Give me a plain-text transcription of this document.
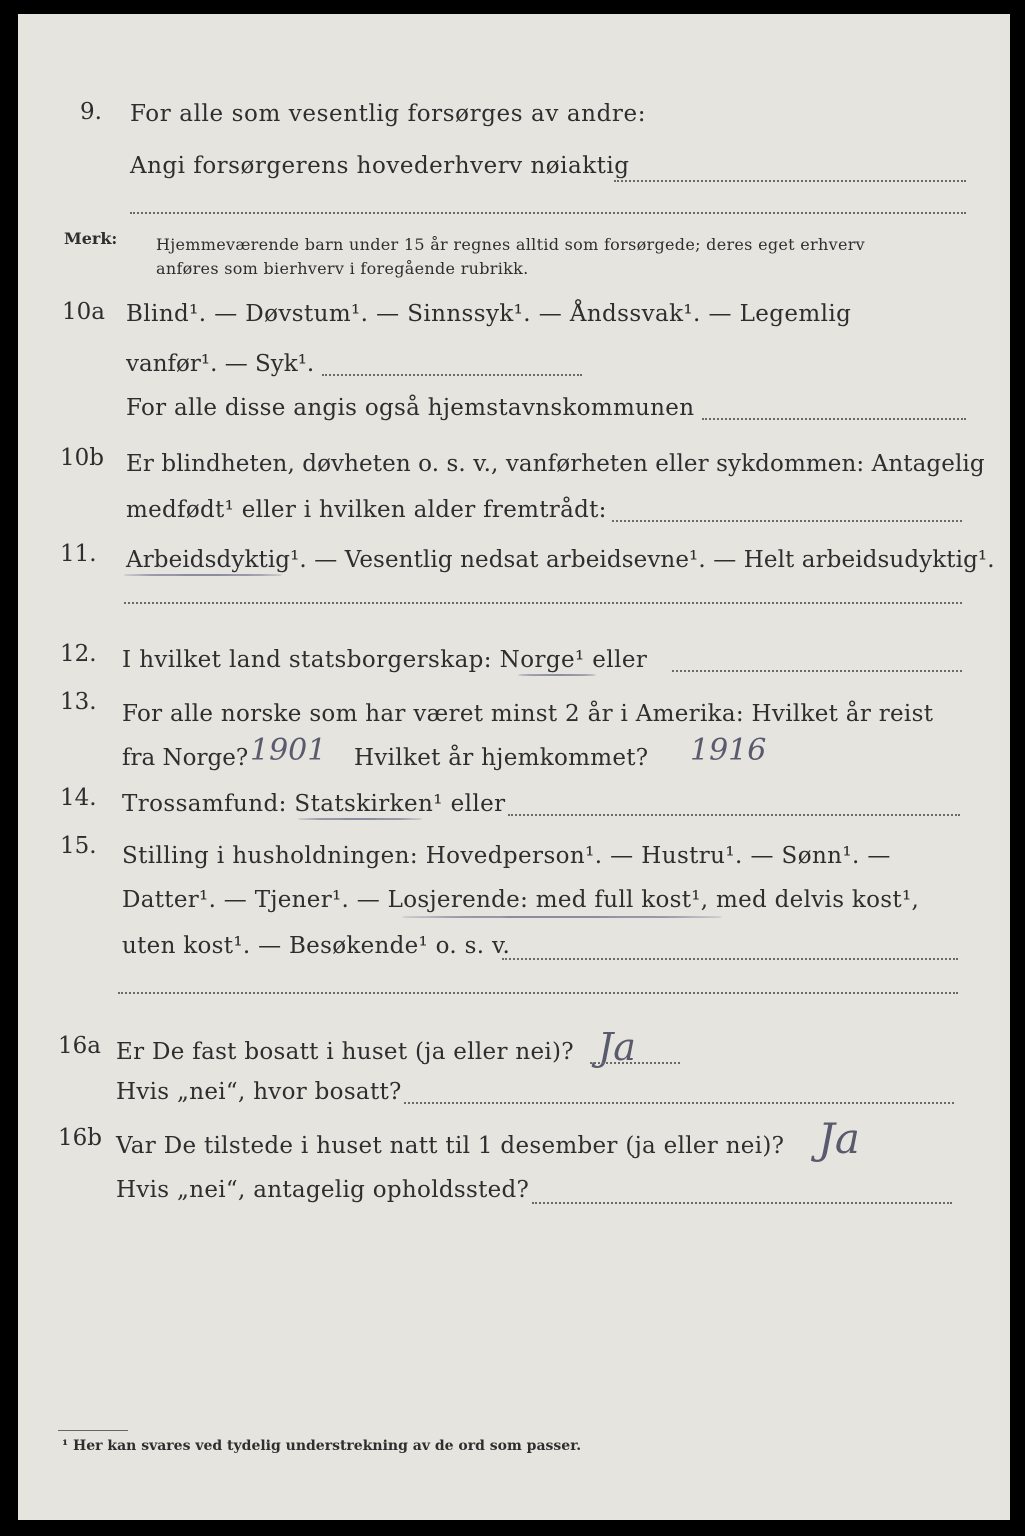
9. For alle som vesentlig forsørges av andre:
Angi forsørgerens hovederhverv nøiaktig
Merk: Hjemmeværende barn under 15 år regnes alltid som forsørgede; deres eget erhverv
anføres som bierhverv i foregående rubrikk.
10a Blind¹. — Døvstum¹. — Sinnssyk¹. — Åndssvak¹. — Legemlig
vanfør¹. — Syk¹.
For alle disse angis også hjemstavnskommunen
10b Er blindheten, døvheten o. s. v., vanførheten eller sykdommen: Antagelig
medfødt¹ eller i hvilken alder fremtrådt:
11. Arbeidsdyktig¹. — Vesentlig nedsat arbeidsevne¹. — Helt arbeidsudyktig¹.
12. I hvilket land statsborgerskap: Norge¹ eller
13. For alle norske som har været minst 2 år i Amerika: Hvilket år reist
fra Norge? 1901 Hvilket år hjemkommet? 1916
14. Trossamfund: Statskirken¹ eller
15. Stilling i husholdningen: Hovedperson¹. — Hustru¹. — Sønn¹. —
Datter¹. — Tjener¹. — Losjerende: med full kost¹, med delvis kost¹,
uten kost¹. — Besøkende¹ o. s. v.
16a Er De fast bosatt i huset (ja eller nei)? Ja
Hvis „nei“, hvor bosatt?
16b Var De tilstede i huset natt til 1 desember (ja eller nei)? Ja
Hvis „nei“, antagelig opholdssted?
¹ Her kan svares ved tydelig understrekning av de ord som passer.
